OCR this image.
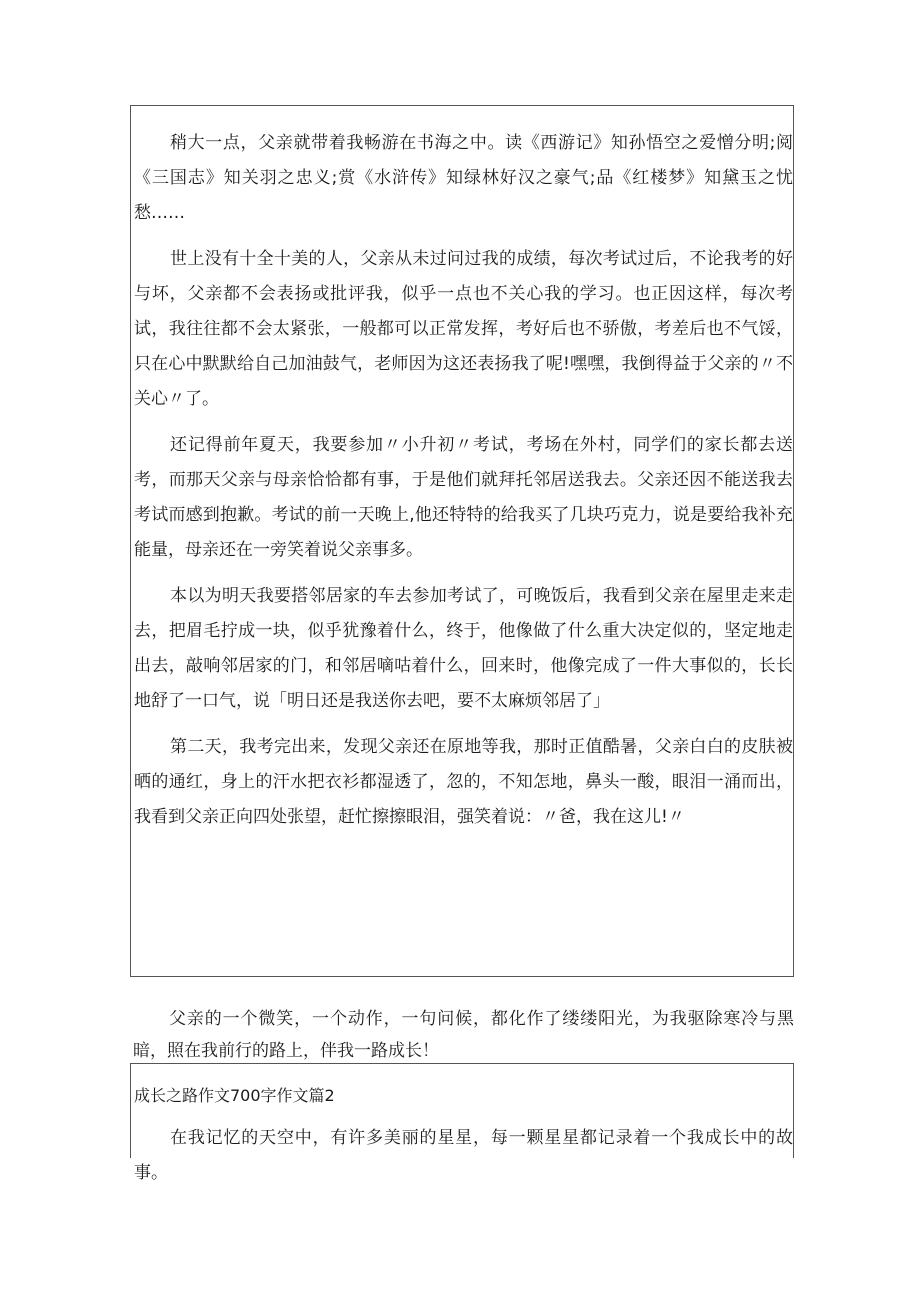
稍大一点，父亲就带着我畅游在书海之中。读《西游记》知孙悟空之爱憎分明;阅《三国志》知关羽之忠义;赏《水浒传》知绿林好汉之豪气;品《红楼梦》知黛玉之忧愁……

世上没有十全十美的人，父亲从未过问过我的成绩，每次考试过后，不论我考的好与坏，父亲都不会表扬或批评我，似乎一点也不关心我的学习。也正因这样，每次考试，我往往都不会太紧张，一般都可以正常发挥，考好后也不骄傲，考差后也不气馁，只在心中默默给自己加油鼓气，老师因为这还表扬我了呢!嘿嘿，我倒得益于父亲的〃不关心〃了。

还记得前年夏天，我要参加〃小升初〃考试，考场在外村，同学们的家长都去送考，而那天父亲与母亲恰恰都有事，于是他们就拜托邻居送我去。父亲还因不能送我去考试而感到抱歉。考试的前一天晚上,他还特特的给我买了几块巧克力，说是要给我补充能量，母亲还在一旁笑着说父亲事多。

本以为明天我要搭邻居家的车去参加考试了，可晚饭后，我看到父亲在屋里走来走去，把眉毛拧成一块，似乎犹豫着什么，终于，他像做了什么重大决定似的，坚定地走出去，敲响邻居家的门，和邻居嘀咕着什么，回来时，他像完成了一件大事似的，长长地舒了一口气，说「明日还是我送你去吧，要不太麻烦邻居了」

第二天，我考完出来，发现父亲还在原地等我，那时正值酷暑，父亲白白的皮肤被晒的通红，身上的汗水把衣衫都湿透了，忽的，不知怎地，鼻头一酸，眼泪一涌而出，我看到父亲正向四处张望，赶忙擦擦眼泪，强笑着说：〃爸，我在这儿!〃

父亲的一个微笑，一个动作，一句问候，都化作了缕缕阳光，为我驱除寒冷与黑暗，照在我前行的路上，伴我一路成长！

成长之路作文700字作文篇2

在我记忆的天空中，有许多美丽的星星，每一颗星星都记录着一个我成长中的故事。
